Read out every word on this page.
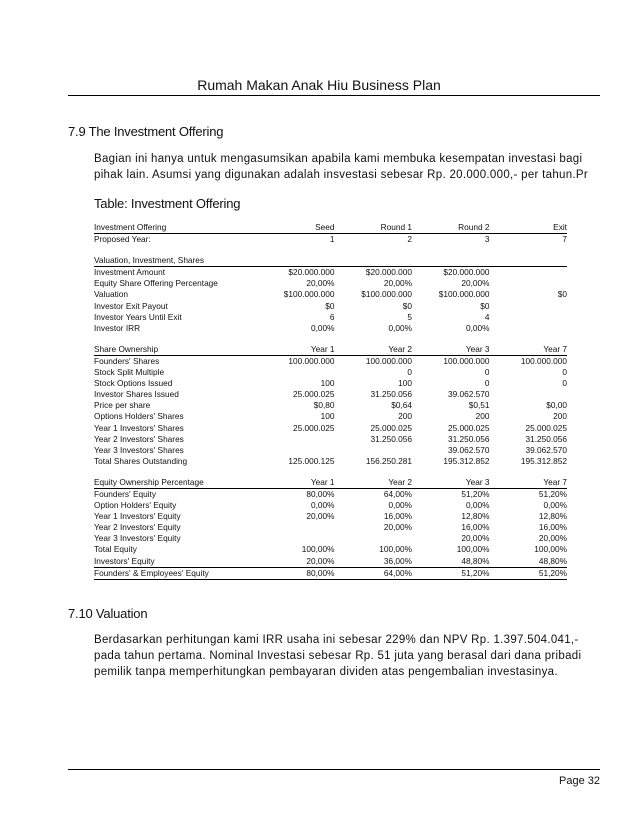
Rumah Makan Anak Hiu Business Plan
7.9 The Investment Offering
Bagian ini hanya untuk mengasumsikan apabila kami membuka kesempatan investasi bagi pihak lain. Asumsi yang digunakan adalah insvestasi sebesar Rp. 20.000.000,- per tahun.Pr
Table: Investment Offering
Investment Offering	Seed	Round 1	Round 2	Exit
Proposed Year:	1	2	3	7

Valuation, Investment, Shares				
Investment Amount	$20.000.000	$20.000.000	$20.000.000	
Equity Share Offering Percentage	20,00%	20,00%	20,00%	
Valuation	$100.000.000	$100.000.000	$100.000.000	$0
Investor Exit Payout	$0	$0	$0	
Investor Years Until Exit	6	5	4	
Investor IRR	0,00%	0,00%	0,00%	

Share Ownership	Year 1	Year 2	Year 3	Year 7
Founders' Shares	100.000.000	100.000.000	100.000.000	100.000.000
Stock Split Multiple		0	0	0
Stock Options Issued	100	100	0	0
Investor Shares Issued	25.000.025	31.250.056	39.062.570	
Price per share	$0,80	$0,64	$0,51	$0,00
Options Holders' Shares	100	200	200	200
Year 1 Investors' Shares	25.000.025	25.000.025	25.000.025	25.000.025
Year 2 Investors' Shares		31.250.056	31.250.056	31.250.056
Year 3 Investors' Shares			39.062.570	39.062.570
Total Shares Outstanding	125.000.125	156.250.281	195.312.852	195.312.852

Equity Ownership Percentage	Year 1	Year 2	Year 3	Year 7
Founders' Equity	80,00%	64,00%	51,20%	51,20%
Option Holders' Equity	0,00%	0,00%	0,00%	0,00%
Year 1 Investors' Equity	20,00%	16,00%	12,80%	12,80%
Year 2 Investors' Equity		20,00%	16,00%	16,00%
Year 3 Investors' Equity			20,00%	20,00%
Total Equity	100,00%	100,00%	100,00%	100,00%
Investors' Equity	20,00%	36,00%	48,80%	48,80%
Founders' & Employees' Equity	80,00%	64,00%	51,20%	51,20%
7.10 Valuation
Berdasarkan perhitungan kami IRR usaha ini sebesar 229% dan NPV Rp. 1.397.504.041,- pada tahun pertama. Nominal Investasi sebesar Rp. 51 juta yang berasal dari dana pribadi pemilik tanpa memperhitungkan pembayaran dividen atas pengembalian investasinya.
Page 32
